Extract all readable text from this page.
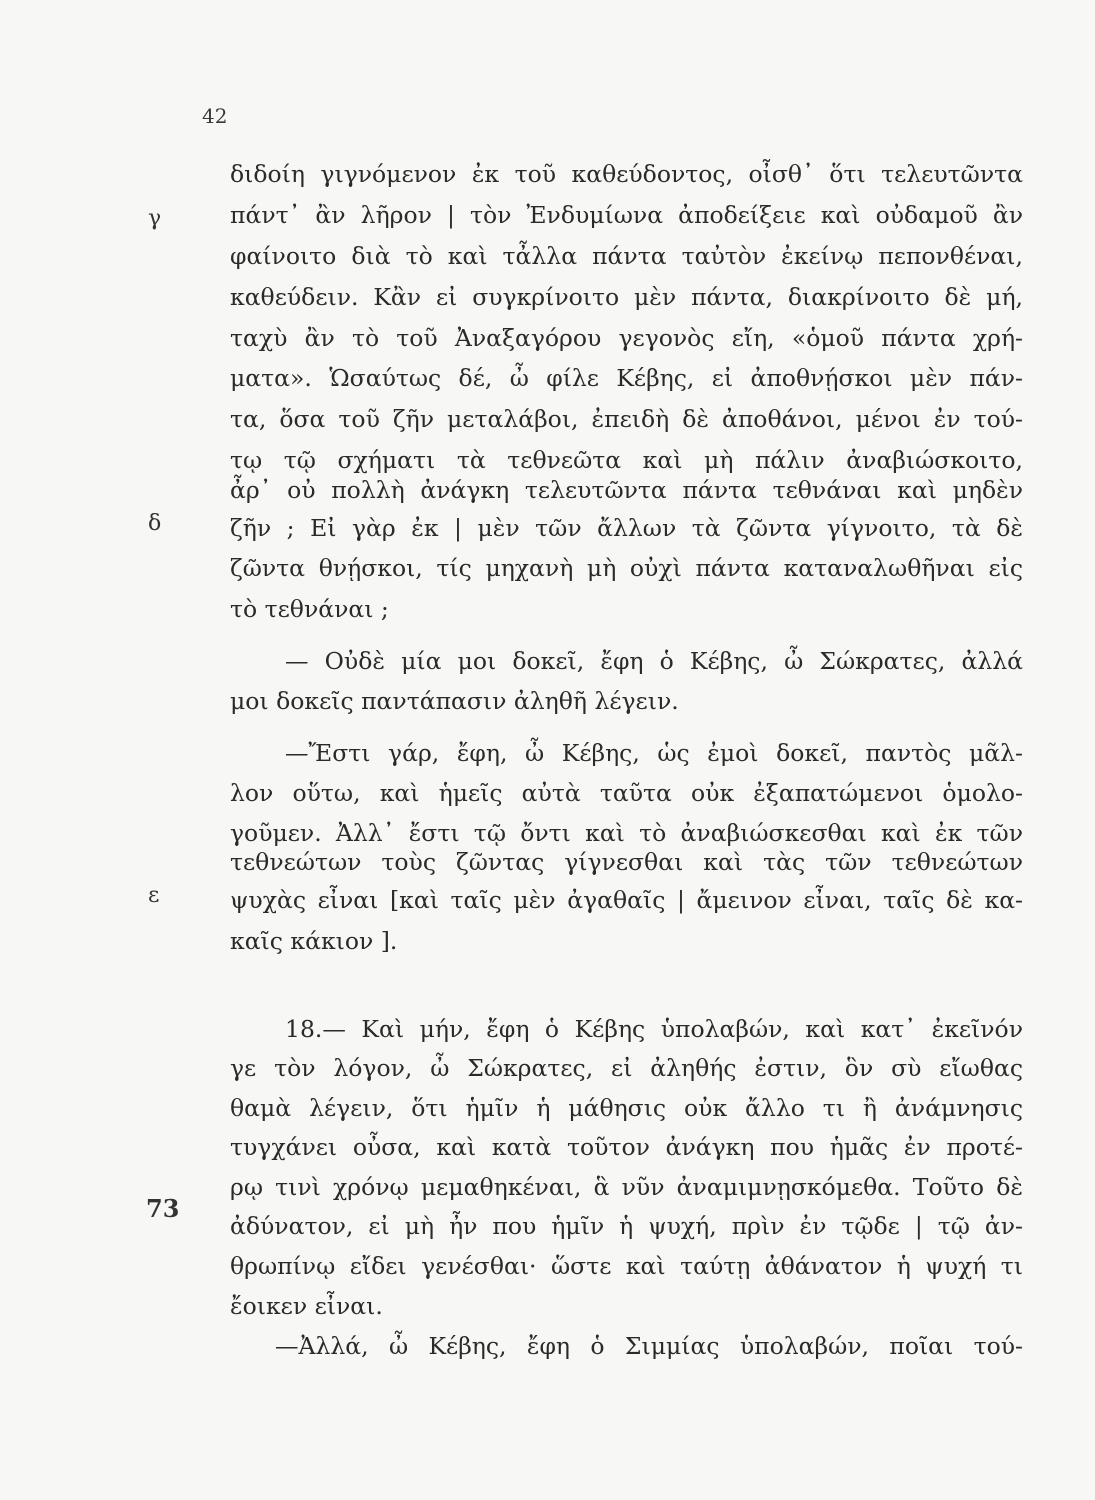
42
γ
δ
ε
73
διδοίη γιγνόμενον ἐκ τοῦ καθεύδοντος, οἶσθ᾽ ὅτι τελευτῶντα
πάντ᾽ ἂν λῆρον | τὸν Ἐνδυμίωνα ἀποδείξειε καὶ οὐδαμοῦ ἂν
φαίνοιτο διὰ τὸ καὶ τἆλλα πάντα ταὐτὸν ἐκείνῳ πεπονθέναι,
καθεύδειν. Κἂν εἰ συγκρίνοιτο μὲν πάντα, διακρίνοιτο δὲ μή,
ταχὺ ἂν τὸ τοῦ Ἀναξαγόρου γεγονὸς εἴη, «ὁμοῦ πάντα χρή-
ματα». Ὡσαύτως δέ, ὦ φίλε Κέβης, εἰ ἀποθνῄσκοι μὲν πάν-
τα, ὅσα τοῦ ζῆν μεταλάβοι, ἐπειδὴ δὲ ἀποθάνοι, μένοι ἐν τού-
τῳ τῷ σχήματι τὰ τεθνεῶτα καὶ μὴ πάλιν ἀναβιώσκοιτο,
ἆρ᾽ οὐ πολλὴ ἀνάγκη τελευτῶντα πάντα τεθνάναι καὶ μηδὲν
ζῆν ; Εἰ γὰρ ἐκ | μὲν τῶν ἄλλων τὰ ζῶντα γίγνοιτο, τὰ δὲ
ζῶντα θνῄσκοι, τίς μηχανὴ μὴ οὐχὶ πάντα καταναλωθῆναι εἰς
τὸ τεθνάναι ;
— Οὐδὲ μία μοι δοκεῖ, ἔφη ὁ Κέβης, ὦ Σώκρατες, ἀλλά
μοι δοκεῖς παντάπασιν ἀληθῆ λέγειν.
—Ἔστι γάρ, ἔφη, ὦ Κέβης, ὡς ἐμοὶ δοκεῖ, παντὸς μᾶλ-
λον οὕτω, καὶ ἡμεῖς αὐτὰ ταῦτα οὐκ ἐξαπατώμενοι ὁμολο-
γοῦμεν. Ἀλλ᾽ ἔστι τῷ ὄντι καὶ τὸ ἀναβιώσκεσθαι καὶ ἐκ τῶν
τεθνεώτων τοὺς ζῶντας γίγνεσθαι καὶ τὰς τῶν τεθνεώτων
ψυχὰς εἶναι [καὶ ταῖς μὲν ἀγαθαῖς | ἄμεινον εἶναι, ταῖς δὲ κα-
καῖς κάκιον ].
18.— Καὶ μήν, ἔφη ὁ Κέβης ὑπολαβών, καὶ κατ᾽ ἐκεῖνόν
γε τὸν λόγον, ὦ Σώκρατες, εἰ ἀληθής ἐστιν, ὃν σὺ εἴωθας
θαμὰ λέγειν, ὅτι ἡμῖν ἡ μάθησις οὐκ ἄλλο τι ἢ ἀνάμνησις
τυγχάνει οὖσα, καὶ κατὰ τοῦτον ἀνάγκη που ἡμᾶς ἐν προτέ-
ρῳ τινὶ χρόνῳ μεμαθηκέναι, ἃ νῦν ἀναμιμνῃσκόμεθα. Τοῦτο δὲ
ἀδύνατον, εἰ μὴ ἦν που ἡμῖν ἡ ψυχή, πρὶν ἐν τῷδε | τῷ ἀν-
θρωπίνῳ εἴδει γενέσθαι· ὥστε καὶ ταύτῃ ἀθάνατον ἡ ψυχή τι
ἔοικεν εἶναι.
—Ἀλλά, ὦ Κέβης, ἔφη ὁ Σιμμίας ὑπολαβών, ποῖαι τού-
